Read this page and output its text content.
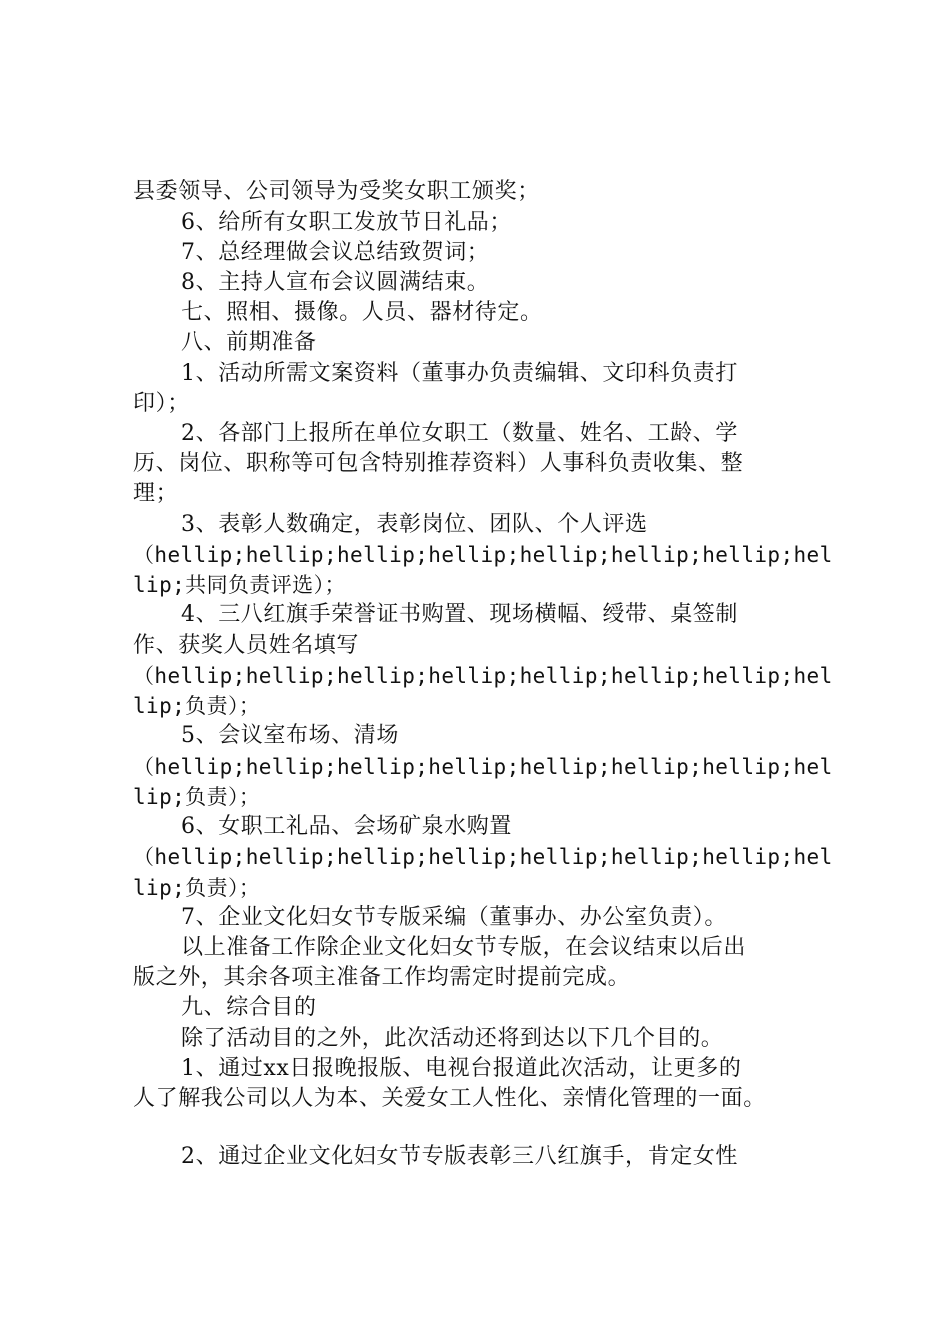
县委领导、公司领导为受奖女职工颁奖；
6、给所有女职工发放节日礼品；
7、总经理做会议总结致贺词；
8、主持人宣布会议圆满结束。
七、照相、摄像。人员、器材待定。
八、前期准备
1、活动所需文案资料（董事办负责编辑、文印科负责打
印）；
2、各部门上报所在单位女职工（数量、姓名、工龄、学
历、岗位、职称等可包含特别推荐资料）人事科负责收集、整
理；
3、表彰人数确定，表彰岗位、团队、个人评选
（hellip;hellip;hellip;hellip;hellip;hellip;hellip;hel
lip;共同负责评选）；
4、三八红旗手荣誉证书购置、现场横幅、绶带、桌签制
作、获奖人员姓名填写
（hellip;hellip;hellip;hellip;hellip;hellip;hellip;hel
lip;负责）；
5、会议室布场、清场
（hellip;hellip;hellip;hellip;hellip;hellip;hellip;hel
lip;负责）；
6、女职工礼品、会场矿泉水购置
（hellip;hellip;hellip;hellip;hellip;hellip;hellip;hel
lip;负责）；
7、企业文化妇女节专版采编（董事办、办公室负责）。
以上准备工作除企业文化妇女节专版，在会议结束以后出
版之外，其余各项主准备工作均需定时提前完成。
九、综合目的
除了活动目的之外，此次活动还将到达以下几个目的。
1、通过xx日报晚报版、电视台报道此次活动，让更多的
人了解我公司以人为本、关爱女工人性化、亲情化管理的一面。
2、通过企业文化妇女节专版表彰三八红旗手，肯定女性
